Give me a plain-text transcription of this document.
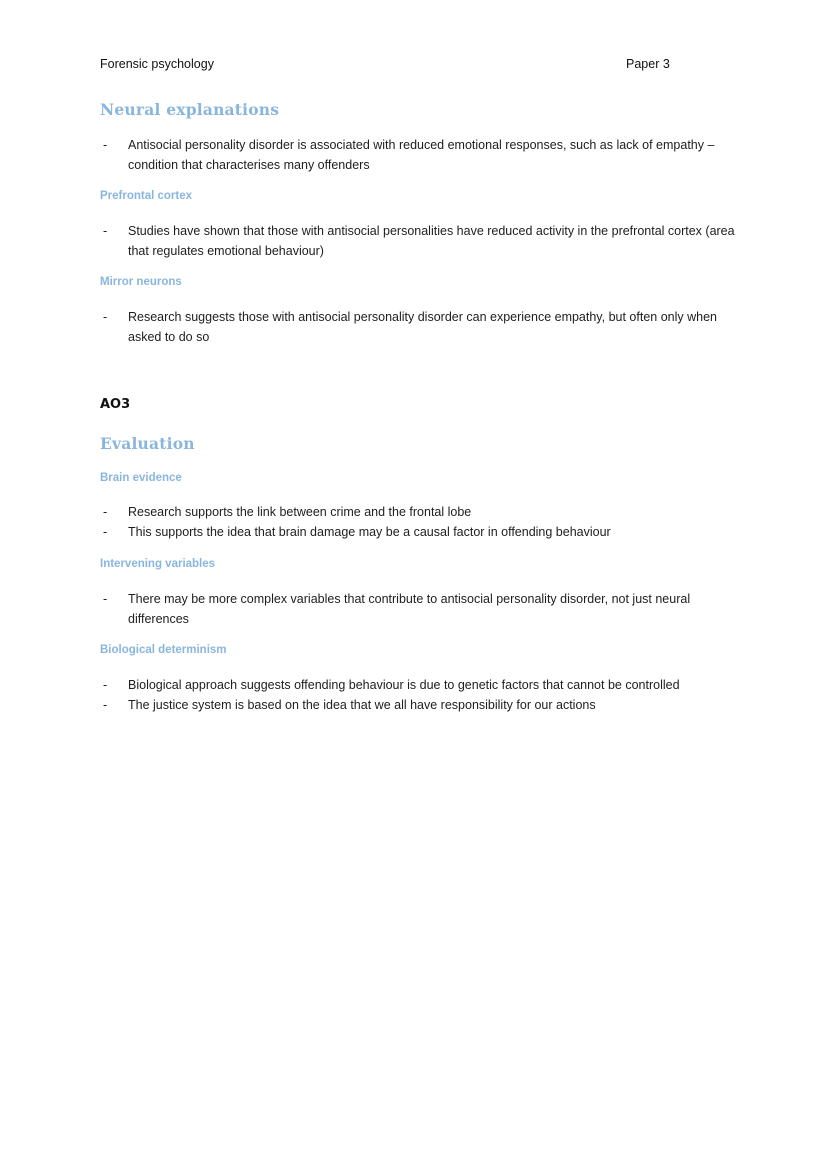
Forensic psychology	Paper 3
Neural explanations
- Antisocial personality disorder is associated with reduced emotional responses, such as lack of empathy – condition that characterises many offenders
Prefrontal cortex
- Studies have shown that those with antisocial personalities have reduced activity in the prefrontal cortex (area that regulates emotional behaviour)
Mirror neurons
- Research suggests those with antisocial personality disorder can experience empathy, but often only when asked to do so
AO3
Evaluation
Brain evidence
- Research supports the link between crime and the frontal lobe
- This supports the idea that brain damage may be a causal factor in offending behaviour
Intervening variables
- There may be more complex variables that contribute to antisocial personality disorder, not just neural differences
Biological determinism
- Biological approach suggests offending behaviour is due to genetic factors that cannot be controlled
- The justice system is based on the idea that we all have responsibility for our actions
